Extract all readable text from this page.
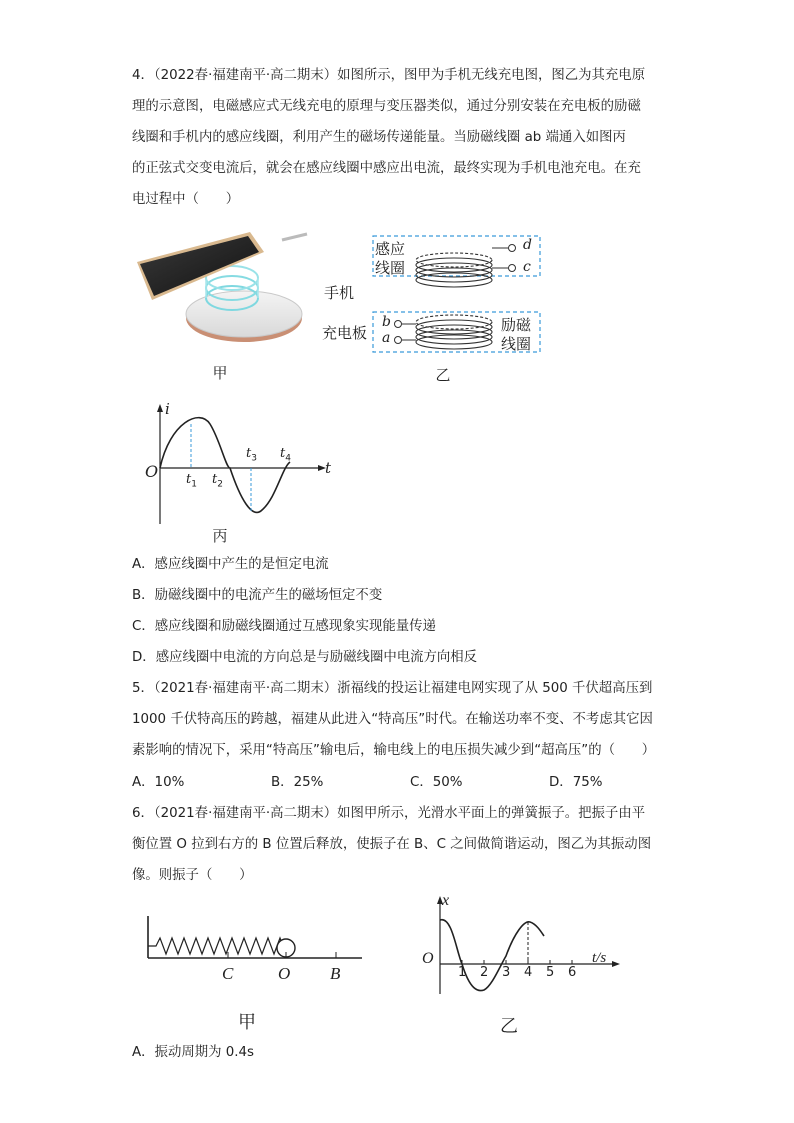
4．（2022春·福建南平·高二期末）如图所示，图甲为手机无线充电图，图乙为其充电原
理的示意图，电磁感应式无线充电的原理与变压器类似，通过分别安装在充电板的励磁
线圈和手机内的感应线圈，利用产生的磁场传递能量。当励磁线圈 ab 端通入如图丙
的正弦式交变电流后，就会在感应线圈中感应出电流，最终实现为手机电池充电。在充
电过程中（　　）
甲
感应
线圈
手机
充电板
d
c
b
a
励磁
线圈
乙
i
t
O $t_1$ $t_2$
$t_3$ $t_4$
丙
A．感应线圈中产生的是恒定电流
B．励磁线圈中的电流产生的磁场恒定不变
C．感应线圈和励磁线圈通过互感现象实现能量传递
D．感应线圈中电流的方向总是与励磁线圈中电流方向相反
5．（2021春·福建南平·高二期末）浙福线的投运让福建电网实现了从 500 千伏超高压到
1000 千伏特高压的跨越，福建从此进入“特高压”时代。在输送功率不变、不考虑其它因
素影响的情况下，采用“特高压”输电后，输电线上的电压损失减少到“超高压”的（　　）
A．10%	B．25%	C．50%	D．75%
6．（2021春·福建南平·高二期末）如图甲所示，光滑水平面上的弹簧振子。把振子由平
衡位置 O 拉到右方的 B 位置后释放，使振子在 B、C 之间做简谐运动，图乙为其振动图
像。则振子（　　）
C	O B
甲
x
O
1 2 3 4 5 6
t/s
乙
A．振动周期为 0.4s
